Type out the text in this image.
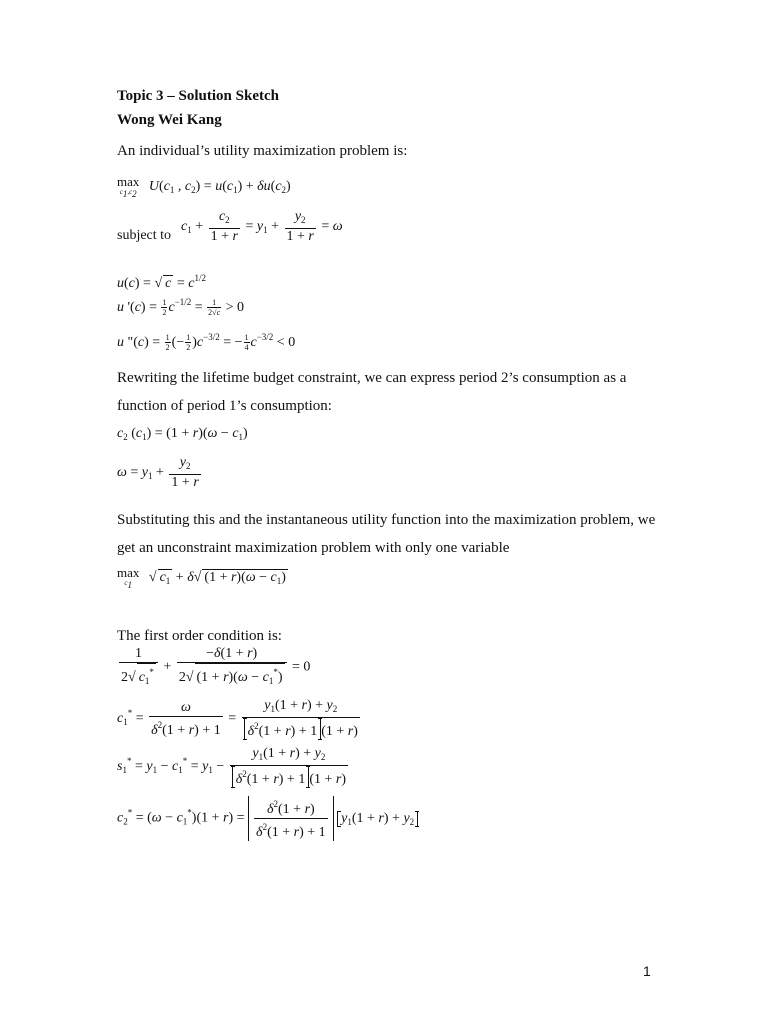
Topic 3 – Solution Sketch
Wong Wei Kang
An individual’s utility maximization problem is:
max
$c_1,c_2$ $U(c_1$ , $c_2) = u(c_1) + \delta u(c_2)$
subject to
$c_1 + \frac{c_2}{1 + r} = y_1 + \frac{y_2}{1 + r} = \omega$
u(c) = √ $c = c^{1/2}$
u '$(c) = \frac{1}{2} c^{-1/2} = \frac{1}{2√c} > 0$
u "$(c) = \frac{1}{2}$ (− $\frac{1}{2} )c^{-3/2}$ = − $\frac{1}{4} c^{-3/2} < 0$
Rewriting the lifetime budget constraint, we can express period 2’s consumption as a function of period 1’s consumption:
$c_2$ $(c_1) = (1 + r)(\omega - c_1)$
$\omega = y_1 + \frac{y_2}{1 + r}$
Substituting this and the instantaneous utility function into the maximization problem, we get an unconstraint maximization problem with only one variable
max
$c_1$	√ $c_1 + \delta√$ $(1 + r)(\omega - c_1)$
The first order condition is:
$\frac{1}{2√ c_1^*} + \frac{-\delta(1 + r)}{2√ (1 + r)(\omega - c_1^*)} = 0$
$c_1^* = \frac{\omega}{\delta^2(1 + r) + 1} = \frac{y_1(1 + r) + y_2}{\delta^2(1 + r) + 1 (1 + r)}$
$s_1^* = y_1 - c_1^* = y_1 - \frac{y_1(1 + r) + y_2}{\delta^2(1 + r) + 1 (1 + r)}$
$c_2^* = (\omega - c_1^*)(1 + r) = \frac{\delta^2(1 + r)}{\delta^2(1 + r) + 1} y_1(1 + r) + y_2$
1
